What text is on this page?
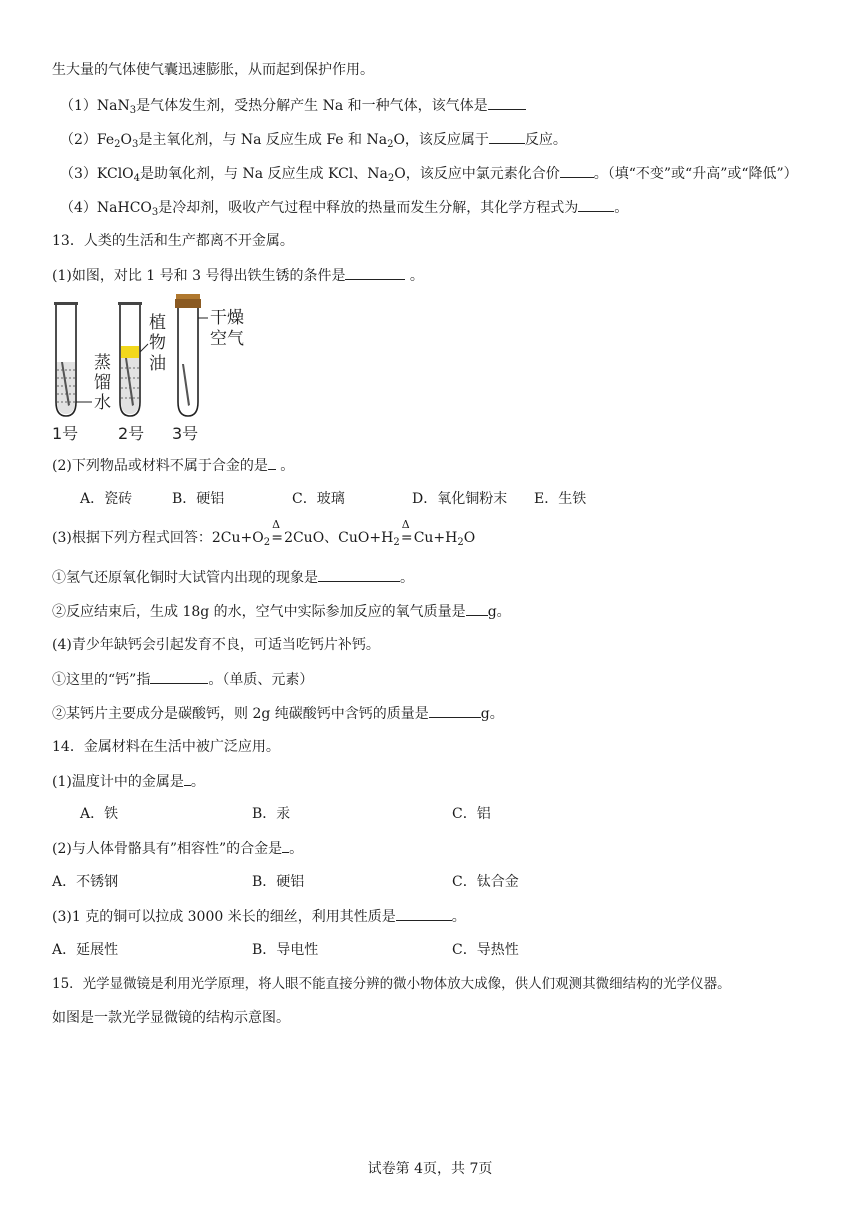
生大量的气体使气囊迅速膨胀，从而起到保护作用。
（1）NaN$_3$是气体发生剂，受热分解产生 Na 和一种气体，该气体是
$(2)Fe_2O_3$是主氧化剂，与 Na 反应生成 Fe 和 $Na_2O$，该反应属于	反应。
（3）KClO$_4$是助氧化剂，与 Na 反应生成 KCl、$Na_2O$，该反应中氯元素化合价 。（填“不变”或“升高”或“降低”）
（4）NaHCO$_3$是冷却剂，吸收产气过程中释放的热量而发生分解，其化学方程式为	。
13．人类的生活和生产都离不开金属。
(1)如图，对比 1 号和 3 号得出铁生锈的条件是	。
蒸
馏
水
植
物
油
干燥
空气
1号 2号 3号
(2)下列物品或材料不属于合金的是 。
A．瓷砖	B．硬铝	C．玻璃	D．氧化铜粉末 E．生铁
(3)根据下列方程式回答：$2Cu+O_2$
Δ
=2CuO、$CuO+H_2$
Δ
$=Cu+H_2O$
①氢气还原氧化铜时大试管内出现的现象是	。
②反应结束后，生成 18g 的水，空气中实际参加反应的氧气质量是 g。
(4)青少年缺钙会引起发育不良，可适当吃钙片补钙。
①这里的“钙”指	。（单质、元素）
②某钙片主要成分是碳酸钙，则 2g 纯碳酸钙中含钙的质量是	g。
14．金属材料在生活中被广泛应用。
(1)温度计中的金属是 。
A．铁	B．汞	C．铝
(2)与人体骨骼具有”相容性”的合金是 。
A．不锈钢	B．硬铝	C．钛合金
(3)1 克的铜可以拉成 3000 米长的细丝，利用其性质是	。
A．延展性	B．导电性	C．导热性
15．光学显微镜是利用光学原理，将人眼不能直接分辨的微小物体放大成像，供人们观测其微细结构的光学仪器。
如图是一款光学显微镜的结构示意图。
试卷第 4页，共 7页
